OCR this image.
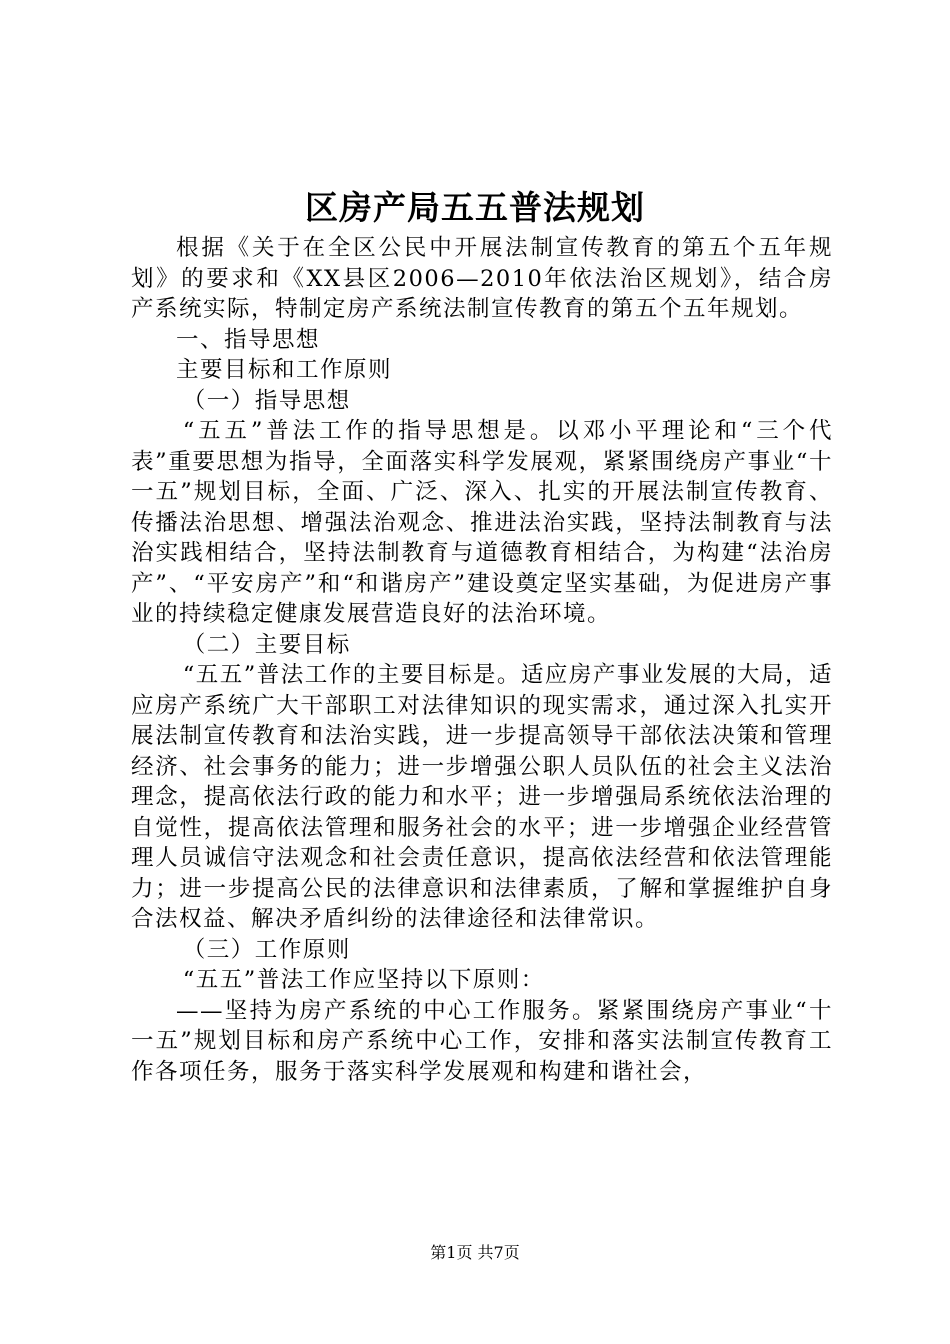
区房产局五五普法规划

根据《关于在全区公民中开展法制宣传教育的第五个五年规划》的要求和《XX县区2006—2010年依法治区规划》，结合房产系统实际，特制定房产系统法制宣传教育的第五个五年规划。

一、指导思想

主要目标和工作原则

（一）指导思想

“五五”普法工作的指导思想是。以邓小平理论和“三个代表”重要思想为指导，全面落实科学发展观，紧紧围绕房产事业“十一五”规划目标，全面、广泛、深入、扎实的开展法制宣传教育、传播法治思想、增强法治观念、推进法治实践，坚持法制教育与法治实践相结合，坚持法制教育与道德教育相结合，为构建“法治房产”、“平安房产”和“和谐房产”建设奠定坚实基础，为促进房产事业的持续稳定健康发展营造良好的法治环境。

（二）主要目标

“五五”普法工作的主要目标是。适应房产事业发展的大局，适应房产系统广大干部职工对法律知识的现实需求，通过深入扎实开展法制宣传教育和法治实践，进一步提高领导干部依法决策和管理经济、社会事务的能力；进一步增强公职人员队伍的社会主义法治理念，提高依法行政的能力和水平；进一步增强局系统依法治理的自觉性，提高依法管理和服务社会的水平；进一步增强企业经营管理人员诚信守法观念和社会责任意识，提高依法经营和依法管理能力；进一步提高公民的法律意识和法律素质，了解和掌握维护自身合法权益、解决矛盾纠纷的法律途径和法律常识。

（三）工作原则

“五五”普法工作应坚持以下原则：

——坚持为房产系统的中心工作服务。紧紧围绕房产事业“十一五”规划目标和房产系统中心工作，安排和落实法制宣传教育工作各项任务，服务于落实科学发展观和构建和谐社会，

第1页 共7页
